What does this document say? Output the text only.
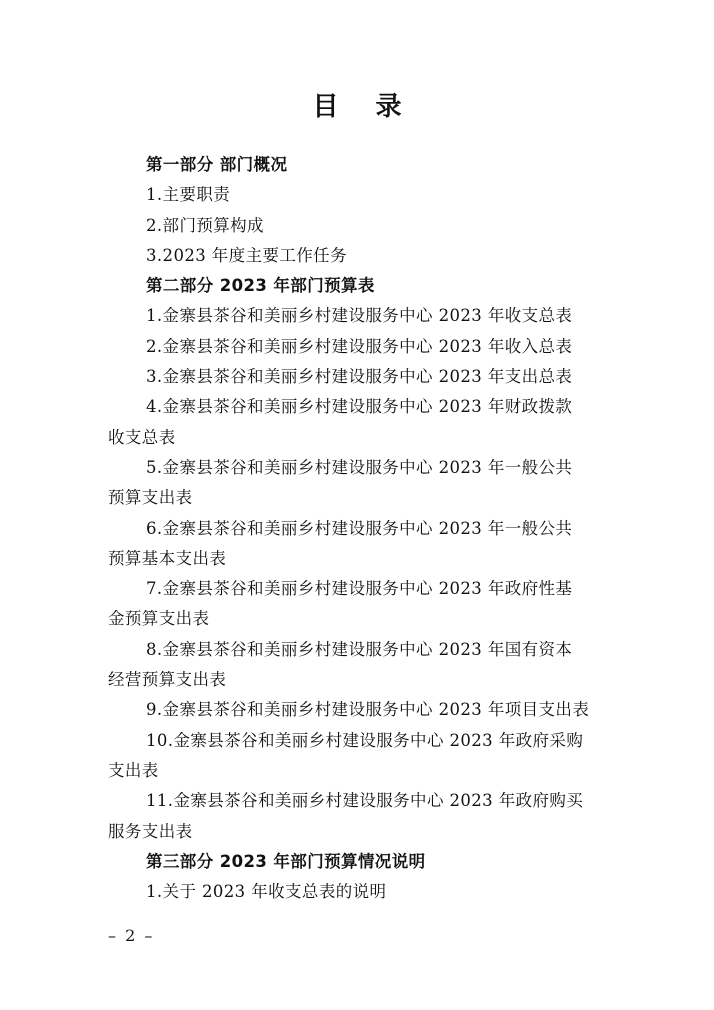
目 录
第一部分 部门概况
1.主要职责
2.部门预算构成
3.2023 年度主要工作任务
第二部分 2023 年部门预算表
1.金寨县茶谷和美丽乡村建设服务中心 2023 年收支总表
2.金寨县茶谷和美丽乡村建设服务中心 2023 年收入总表
3.金寨县茶谷和美丽乡村建设服务中心 2023 年支出总表
4.金寨县茶谷和美丽乡村建设服务中心 2023 年财政拨款
收支总表
5.金寨县茶谷和美丽乡村建设服务中心 2023 年一般公共
预算支出表
6.金寨县茶谷和美丽乡村建设服务中心 2023 年一般公共
预算基本支出表
7.金寨县茶谷和美丽乡村建设服务中心 2023 年政府性基
金预算支出表
8.金寨县茶谷和美丽乡村建设服务中心 2023 年国有资本
经营预算支出表
9.金寨县茶谷和美丽乡村建设服务中心 2023 年项目支出表
10.金寨县茶谷和美丽乡村建设服务中心 2023 年政府采购
支出表
11.金寨县茶谷和美丽乡村建设服务中心 2023 年政府购买
服务支出表
第三部分 2023 年部门预算情况说明
1.关于 2023 年收支总表的说明
– 2 –
